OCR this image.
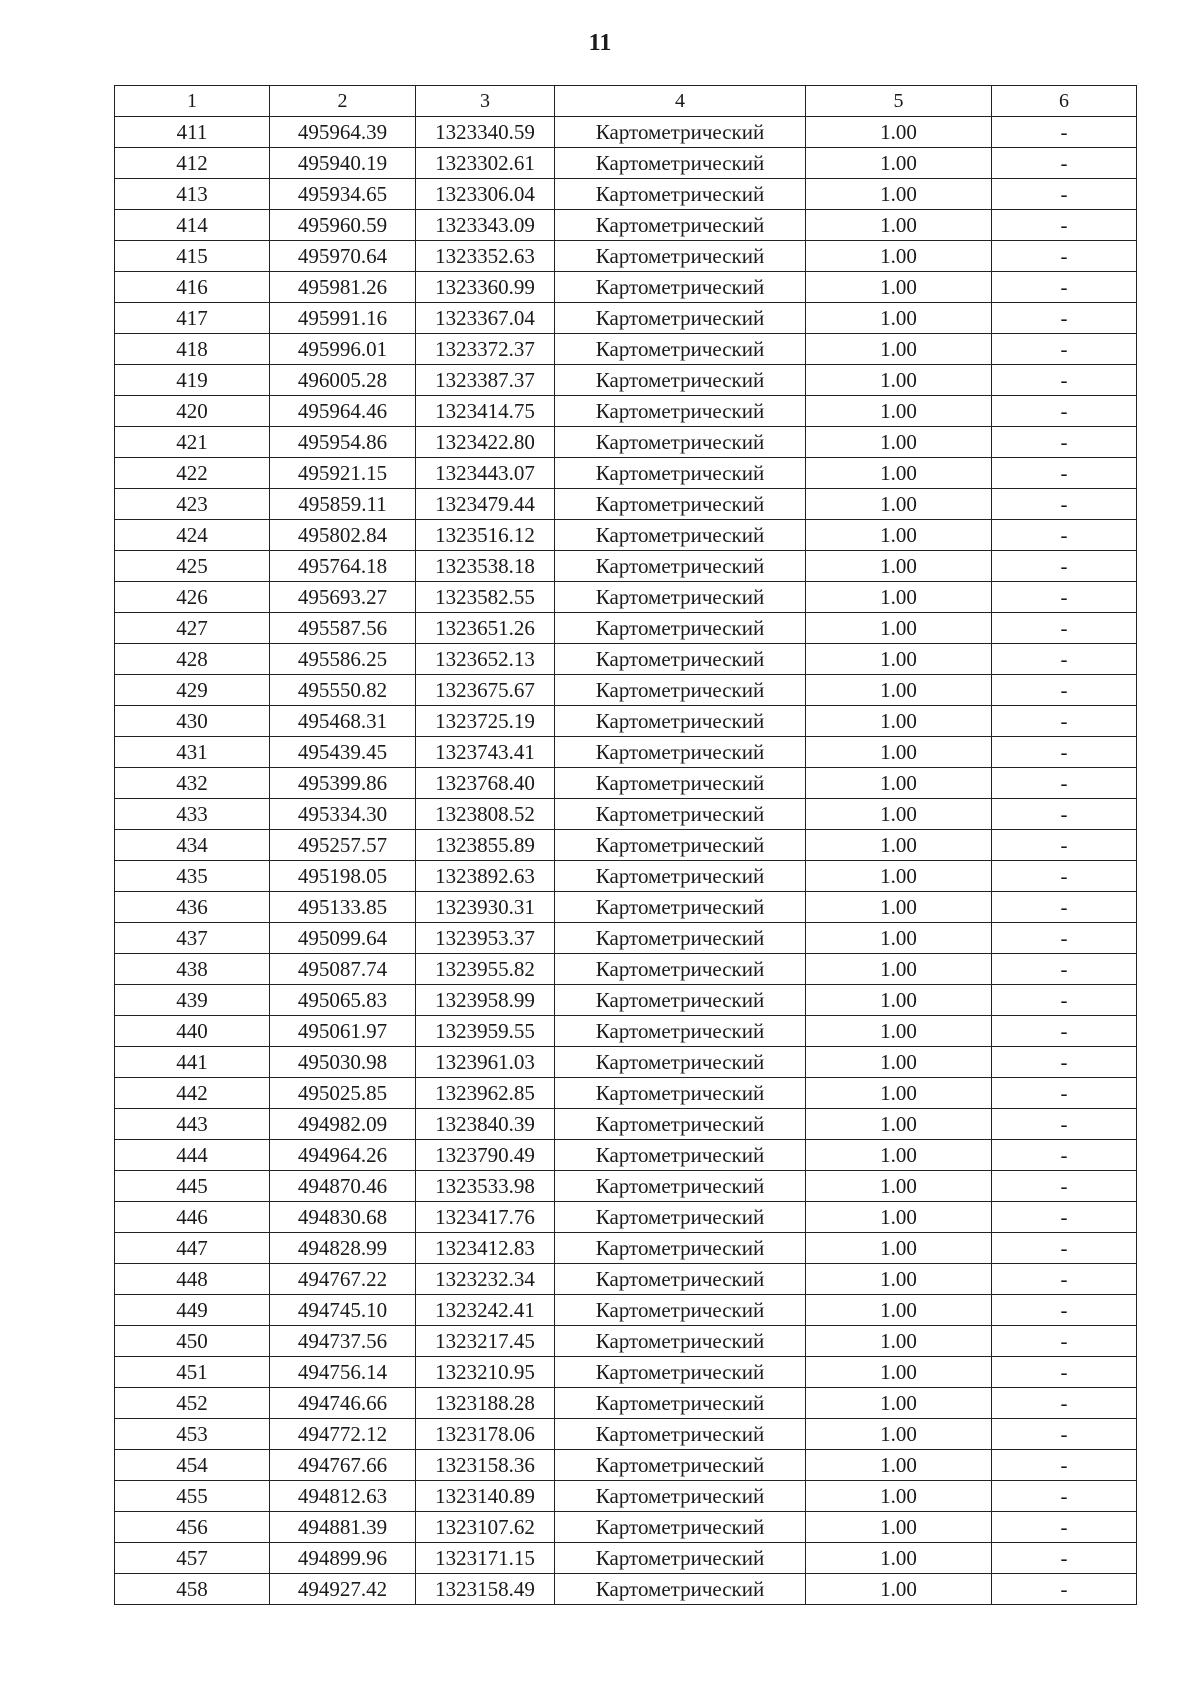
11
1	2	3	4	5	6
411	495964.39	1323340.59	Картометрический	1.00	-
412	495940.19	1323302.61	Картометрический	1.00	-
413	495934.65	1323306.04	Картометрический	1.00	-
414	495960.59	1323343.09	Картометрический	1.00	-
415	495970.64	1323352.63	Картометрический	1.00	-
416	495981.26	1323360.99	Картометрический	1.00	-
417	495991.16	1323367.04	Картометрический	1.00	-
418	495996.01	1323372.37	Картометрический	1.00	-
419	496005.28	1323387.37	Картометрический	1.00	-
420	495964.46	1323414.75	Картометрический	1.00	-
421	495954.86	1323422.80	Картометрический	1.00	-
422	495921.15	1323443.07	Картометрический	1.00	-
423	495859.11	1323479.44	Картометрический	1.00	-
424	495802.84	1323516.12	Картометрический	1.00	-
425	495764.18	1323538.18	Картометрический	1.00	-
426	495693.27	1323582.55	Картометрический	1.00	-
427	495587.56	1323651.26	Картометрический	1.00	-
428	495586.25	1323652.13	Картометрический	1.00	-
429	495550.82	1323675.67	Картометрический	1.00	-
430	495468.31	1323725.19	Картометрический	1.00	-
431	495439.45	1323743.41	Картометрический	1.00	-
432	495399.86	1323768.40	Картометрический	1.00	-
433	495334.30	1323808.52	Картометрический	1.00	-
434	495257.57	1323855.89	Картометрический	1.00	-
435	495198.05	1323892.63	Картометрический	1.00	-
436	495133.85	1323930.31	Картометрический	1.00	-
437	495099.64	1323953.37	Картометрический	1.00	-
438	495087.74	1323955.82	Картометрический	1.00	-
439	495065.83	1323958.99	Картометрический	1.00	-
440	495061.97	1323959.55	Картометрический	1.00	-
441	495030.98	1323961.03	Картометрический	1.00	-
442	495025.85	1323962.85	Картометрический	1.00	-
443	494982.09	1323840.39	Картометрический	1.00	-
444	494964.26	1323790.49	Картометрический	1.00	-
445	494870.46	1323533.98	Картометрический	1.00	-
446	494830.68	1323417.76	Картометрический	1.00	-
447	494828.99	1323412.83	Картометрический	1.00	-
448	494767.22	1323232.34	Картометрический	1.00	-
449	494745.10	1323242.41	Картометрический	1.00	-
450	494737.56	1323217.45	Картометрический	1.00	-
451	494756.14	1323210.95	Картометрический	1.00	-
452	494746.66	1323188.28	Картометрический	1.00	-
453	494772.12	1323178.06	Картометрический	1.00	-
454	494767.66	1323158.36	Картометрический	1.00	-
455	494812.63	1323140.89	Картометрический	1.00	-
456	494881.39	1323107.62	Картометрический	1.00	-
457	494899.96	1323171.15	Картометрический	1.00	-
458	494927.42	1323158.49	Картометрический	1.00	-
